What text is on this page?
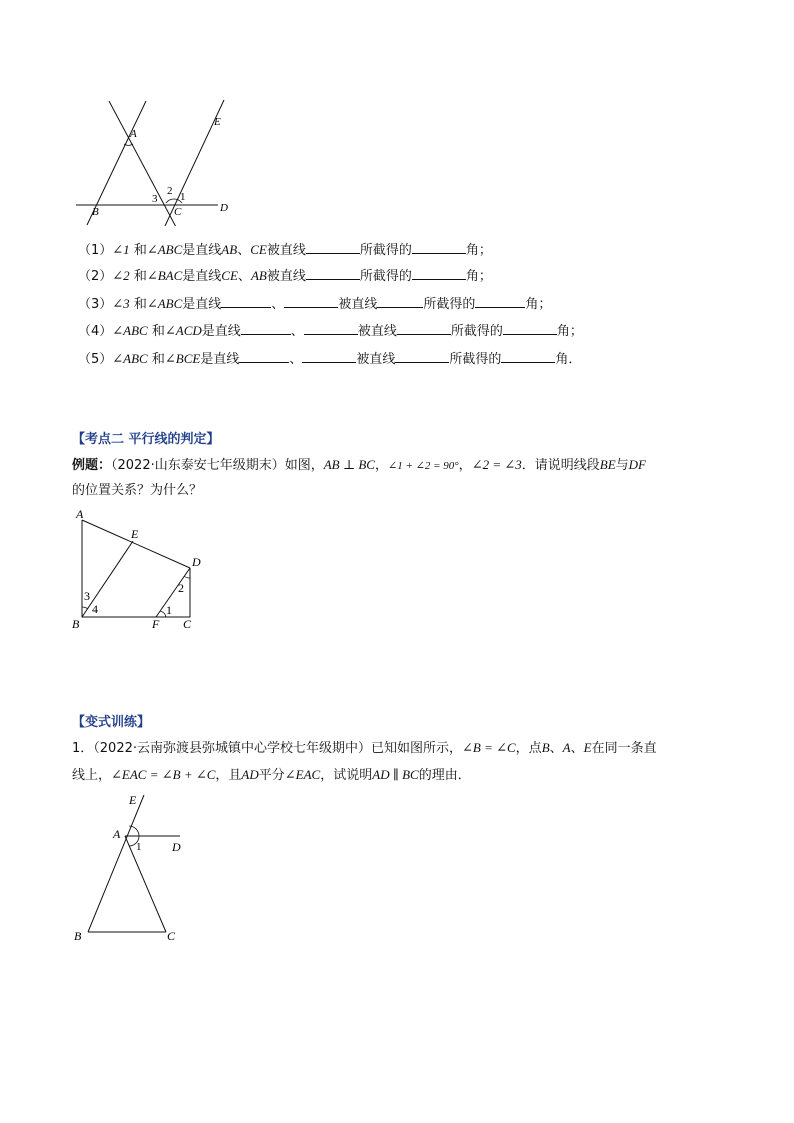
A
B	C	D
E
1
2
3
（1）∠1 和∠ABC是直线AB、CE被直线	所截得的	角；
（2）∠2 和∠BAC是直线CE、AB被直线	所截得的	角；
（3）∠3 和∠ABC是直线	、	被直线	所截得的	角；
（4）∠ABC 和∠ACD是直线	、	被直线	所截得的	角；
（5）∠ABC 和∠BCE是直线	、	被直线	所截得的	角．
【考点二 平行线的判定】
例题：（2022·山东泰安七年级期末）如图，AB ⊥ BC，∠1 + ∠2 = 90°，∠2 = ∠3．请说明线段BE与DF
的位置关系？为什么？
A
B	C
D
E
F
1
2
3
4
【变式训练】
1．（2022·云南弥渡县弥城镇中心学校七年级期中）已知如图所示，∠B = ∠C，点B、A、E在同一条直
线上，∠EAC = ∠B + ∠C，且AD平分∠EAC，试说明AD ∥ BC的理由．
A
B	C
D
E
1
